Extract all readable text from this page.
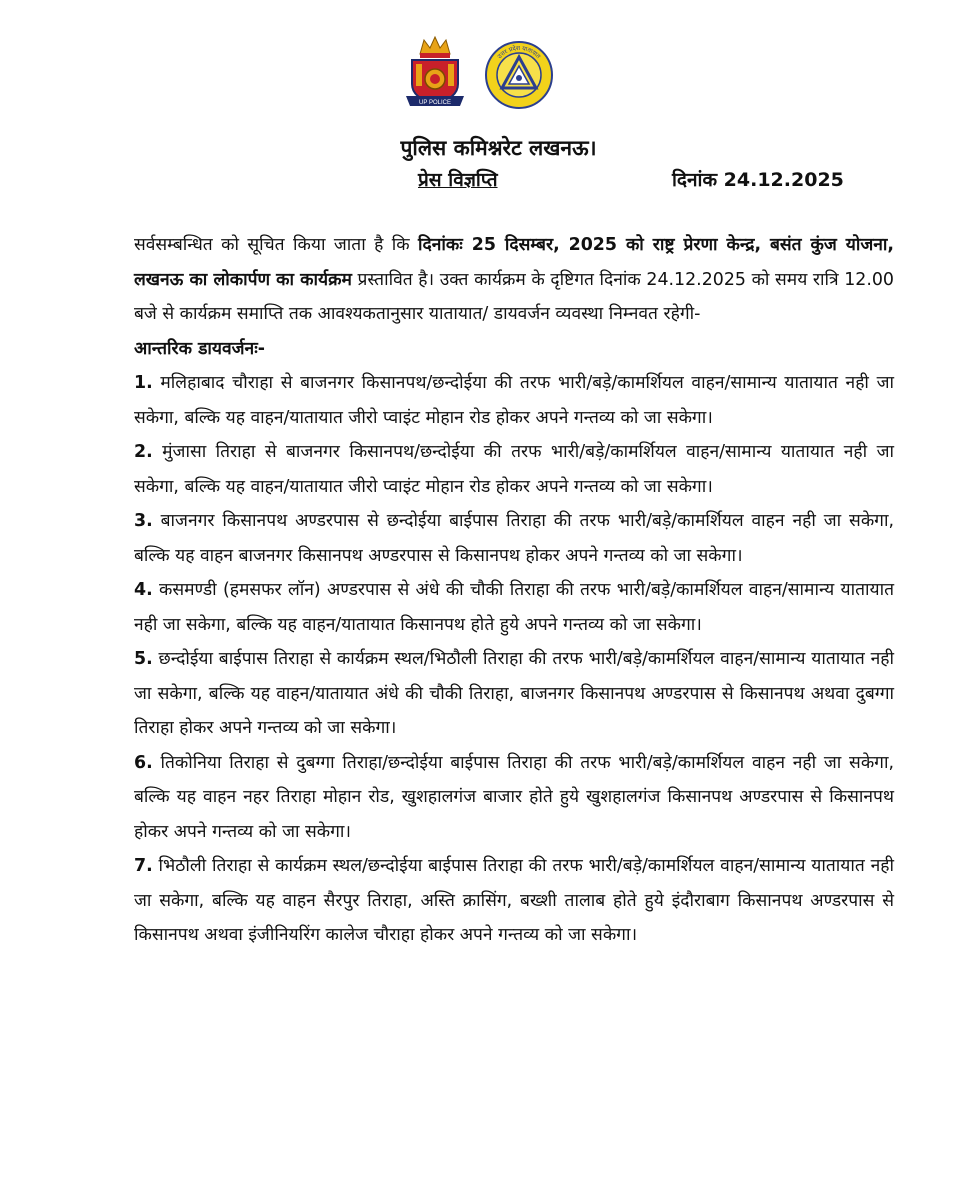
UP POLICE
उत्तर प्रदेश यातायात
पुलिस कमिश्नरेट लखनऊ।
प्रेस विज्ञप्ति	दिनांक 24.12.2025

सर्वसम्बन्धित को सूचित किया जाता है कि दिनांकः 25 दिसम्बर, 2025 को राष्ट्र प्रेरणा केन्द्र, बसंत कुंज योजना, लखनऊ का लोकार्पण का कार्यक्रम प्रस्तावित है। उक्त कार्यक्रम के दृष्टिगत दिनांक 24.12.2025 को समय रात्रि 12.00 बजे से कार्यक्रम समाप्ति तक आवश्यकतानुसार यातायात/ डायवर्जन व्यवस्था निम्नवत रहेगी-

आन्तरिक डायवर्जनः-

1. मलिहाबाद चौराहा से बाजनगर किसानपथ/छन्दोईया की तरफ भारी/बड़े/कामर्शियल वाहन/सामान्य यातायात नही जा सकेगा, बल्कि यह वाहन/यातायात जीरो प्वाइंट मोहान रोड होकर अपने गन्तव्य को जा सकेगा।

2. मुंजासा तिराहा से बाजनगर किसानपथ/छन्दोईया की तरफ भारी/बड़े/कामर्शियल वाहन/सामान्य यातायात नही जा सकेगा, बल्कि यह वाहन/यातायात जीरो प्वाइंट मोहान रोड होकर अपने गन्तव्य को जा सकेगा।

3. बाजनगर किसानपथ अण्डरपास से छन्दोईया बाईपास तिराहा की तरफ भारी/बड़े/कामर्शियल वाहन नही जा सकेगा, बल्कि यह वाहन बाजनगर किसानपथ अण्डरपास से किसानपथ होकर अपने गन्तव्य को जा सकेगा।

4. कसमण्डी (हमसफर लॉन) अण्डरपास से अंधे की चौकी तिराहा की तरफ भारी/बड़े/कामर्शियल वाहन/सामान्य यातायात नही जा सकेगा, बल्कि यह वाहन/यातायात किसानपथ होते हुये अपने गन्तव्य को जा सकेगा।

5. छन्दोईया बाईपास तिराहा से कार्यक्रम स्थल/भिठौली तिराहा की तरफ भारी/बड़े/कामर्शियल वाहन/सामान्य यातायात नही जा सकेगा, बल्कि यह वाहन/यातायात अंधे की चौकी तिराहा, बाजनगर किसानपथ अण्डरपास से किसानपथ अथवा दुबग्गा तिराहा होकर अपने गन्तव्य को जा सकेगा।

6. तिकोनिया तिराहा से दुबग्गा तिराहा/छन्दोईया बाईपास तिराहा की तरफ भारी/बड़े/कामर्शियल वाहन नही जा सकेगा, बल्कि यह वाहन नहर तिराहा मोहान रोड, खुशहालगंज बाजार होते हुये खुशहालगंज किसानपथ अण्डरपास से किसानपथ होकर अपने गन्तव्य को जा सकेगा।

7. भिठौली तिराहा से कार्यक्रम स्थल/छन्दोईया बाईपास तिराहा की तरफ भारी/बड़े/कामर्शियल वाहन/सामान्य यातायात नही जा सकेगा, बल्कि यह वाहन सैरपुर तिराहा, अस्ति क्रासिंग, बख्शी तालाब होते हुये इंदौराबाग किसानपथ अण्डरपास से किसानपथ अथवा इंजीनियरिंग कालेज चौराहा होकर अपने गन्तव्य को जा सकेगा।
